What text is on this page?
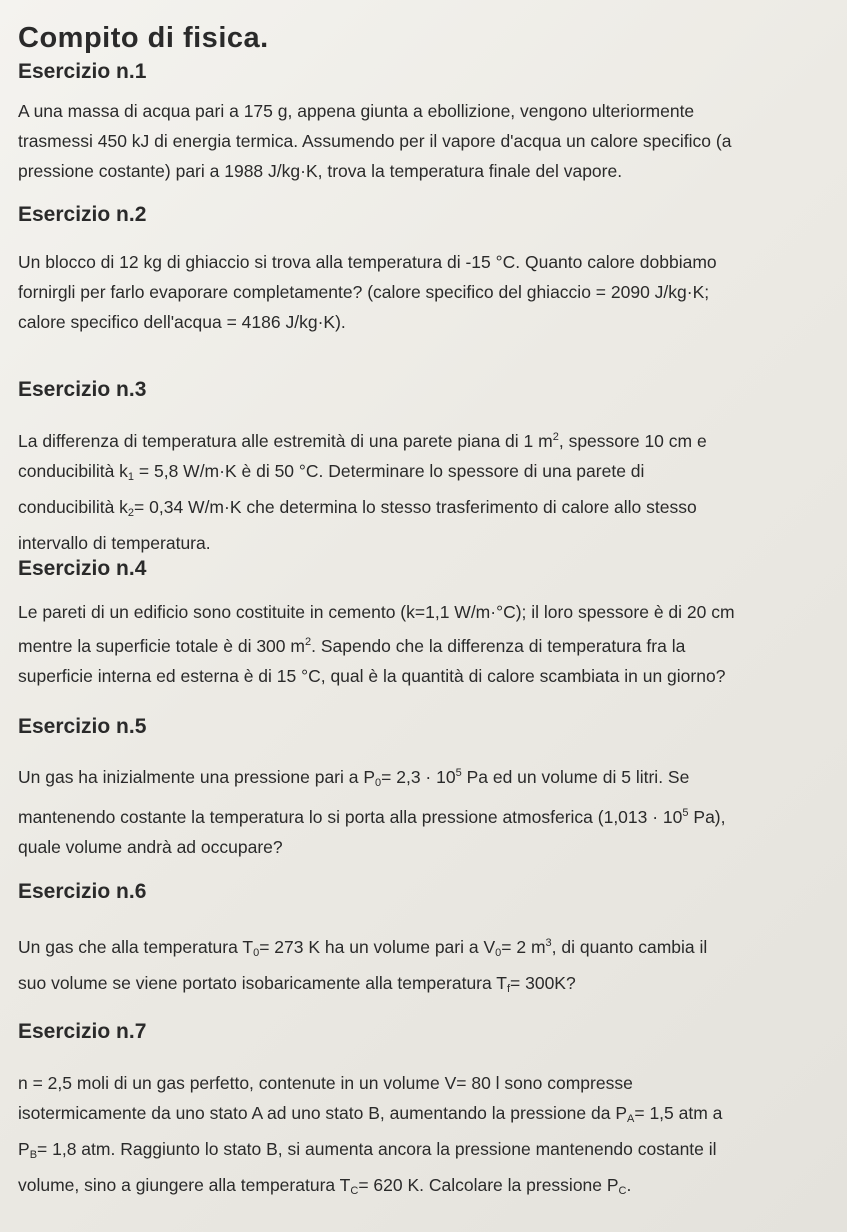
Compito di fisica.
Esercizio n.1
A una massa di acqua pari a 175 g, appena giunta a ebollizione, vengono ulteriormente
trasmessi 450 kJ di energia termica. Assumendo per il vapore d'acqua un calore specifico (a
pressione costante) pari a 1988 J/kg·K, trova la temperatura finale del vapore.
Esercizio n.2
Un blocco di 12 kg di ghiaccio si trova alla temperatura di -15 °C. Quanto calore dobbiamo
fornirgli per farlo evaporare completamente? (calore specifico del ghiaccio = 2090 J/kg·K;
calore specifico dell'acqua = 4186 J/kg·K).
Esercizio n.3
La differenza di temperatura alle estremità di una parete piana di 1 $m^2$, spessore 10 cm e
conducibilità $k_1 = 5,8$ W/m·K è di 50 °C. Determinare lo spessore di una parete di
conducibilità $k_2= 0,34$ W/m·K che determina lo stesso trasferimento di calore allo stesso
intervallo di temperatura.
Esercizio n.4
Le pareti di un edificio sono costituite in cemento (k=1,1 W/m·°C); il loro spessore è di 20 cm
mentre la superficie totale è di 300 $m^2$. Sapendo che la differenza di temperatura fra la
superficie interna ed esterna è di 15 °C, qual è la quantità di calore scambiata in un giorno?
Esercizio n.5
Un gas ha inizialmente una pressione pari a $P_0= 2,3 \cdot 10^5$ Pa ed un volume di 5 litri. Se
mantenendo costante la temperatura lo si porta alla pressione atmosferica ($1,013 \cdot 10^5$ Pa),
quale volume andrà ad occupare?
Esercizio n.6
Un gas che alla temperatura $T_0= 273$ K ha un volume pari a $V_0= 2$ $m^3$, di quanto cambia il
suo volume se viene portato isobaricamente alla temperatura $T_f= 300K$?
Esercizio n.7
n = 2,5 moli di un gas perfetto, contenute in un volume V= 80 l sono compresse
isotermicamente da uno stato A ad uno stato B, aumentando la pressione da $P_A= 1,5$ atm a
$P_B= 1,8$ atm. Raggiunto lo stato B, si aumenta ancora la pressione mantenendo costante il
volume, sino a giungere alla temperatura $T_C= 620$ K. Calcolare la pressione $P_C$.
